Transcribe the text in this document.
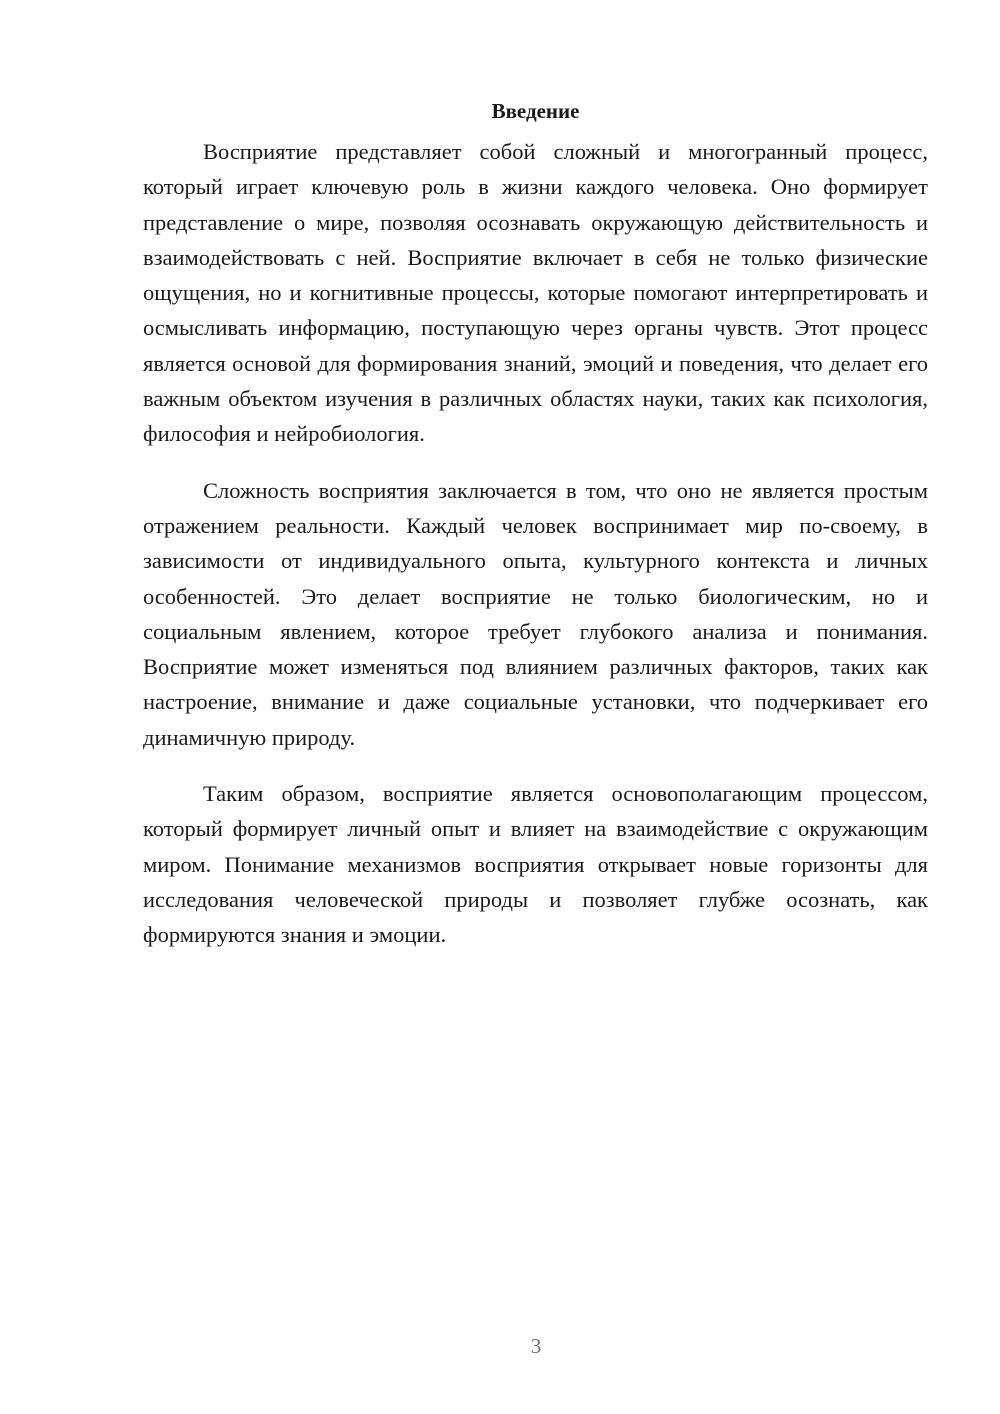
Введение

Восприятие представляет собой сложный и многогранный процесс, который играет ключевую роль в жизни каждого человека. Оно формирует представление о мире, позволяя осознавать окружающую действительность и взаимодействовать с ней. Восприятие включает в себя не только физические ощущения, но и когнитивные процессы, которые помогают интерпретировать и осмысливать информацию, поступающую через органы чувств. Этот процесс является основой для формирования знаний, эмоций и поведения, что делает его важным объектом изучения в различных областях науки, таких как психология, философия и нейробиология.

Сложность восприятия заключается в том, что оно не является простым отражением реальности. Каждый человек воспринимает мир по-своему, в зависимости от индивидуального опыта, культурного контекста и личных особенностей. Это делает восприятие не только биологическим, но и социальным явлением, которое требует глубокого анализа и понимания. Восприятие может изменяться под влиянием различных факторов, таких как настроение, внимание и даже социальные установки, что подчеркивает его динамичную природу.

Таким образом, восприятие является основополагающим процессом, который формирует личный опыт и влияет на взаимодействие с окружающим миром. Понимание механизмов восприятия открывает новые горизонты для исследования человеческой природы и позволяет глубже осознать, как формируются знания и эмоции.

3
